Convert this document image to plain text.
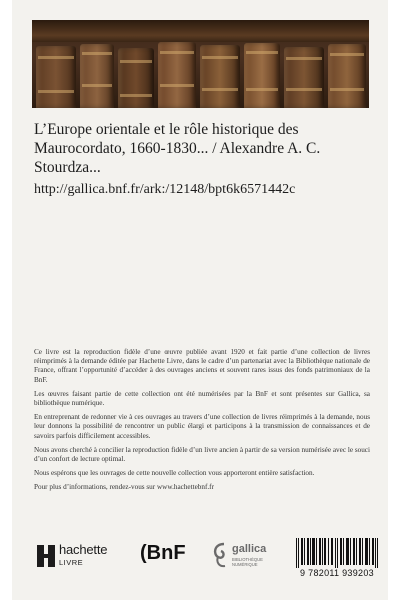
L’Europe orientale et le rôle historique des Maurocordato, 1660-1830... / Alexandre A. C. Stourdza...
http://gallica.bnf.fr/ark:/12148/bpt6k6571442c

Ce livre est la reproduction fidèle d’une œuvre publiée avant 1920 et fait partie d’une collection de livres réimprimés à la demande éditée par Hachette Livre, dans le cadre d’un partenariat avec la Bibliothèque nationale de France, offrant l’opportunité d’accéder à des ouvrages anciens et souvent rares issus des fonds patrimoniaux de la BnF.

Les œuvres faisant partie de cette collection ont été numérisées par la BnF et sont présentes sur Gallica, sa bibliothèque numérique.

En entreprenant de redonner vie à ces ouvrages au travers d’une collection de livres réimprimés à la demande, nous leur donnons la possibilité de rencontrer un public élargi et participons à la transmission de connaissances et de savoirs parfois difficilement accessibles.

Nous avons cherché à concilier la reproduction fidèle d’un livre ancien à partir de sa version numérisée avec le souci d’un confort de lecture optimal.

Nous espérons que les ouvrages de cette nouvelle collection vous apporteront entière satisfaction.

Pour plus d’informations, rendez-vous sur www.hachettebnf.fr

hachette
LIVRE	(BnF	gallica
BIBLIOTHÈQUE NUMÉRIQUE
9 782011 939203
